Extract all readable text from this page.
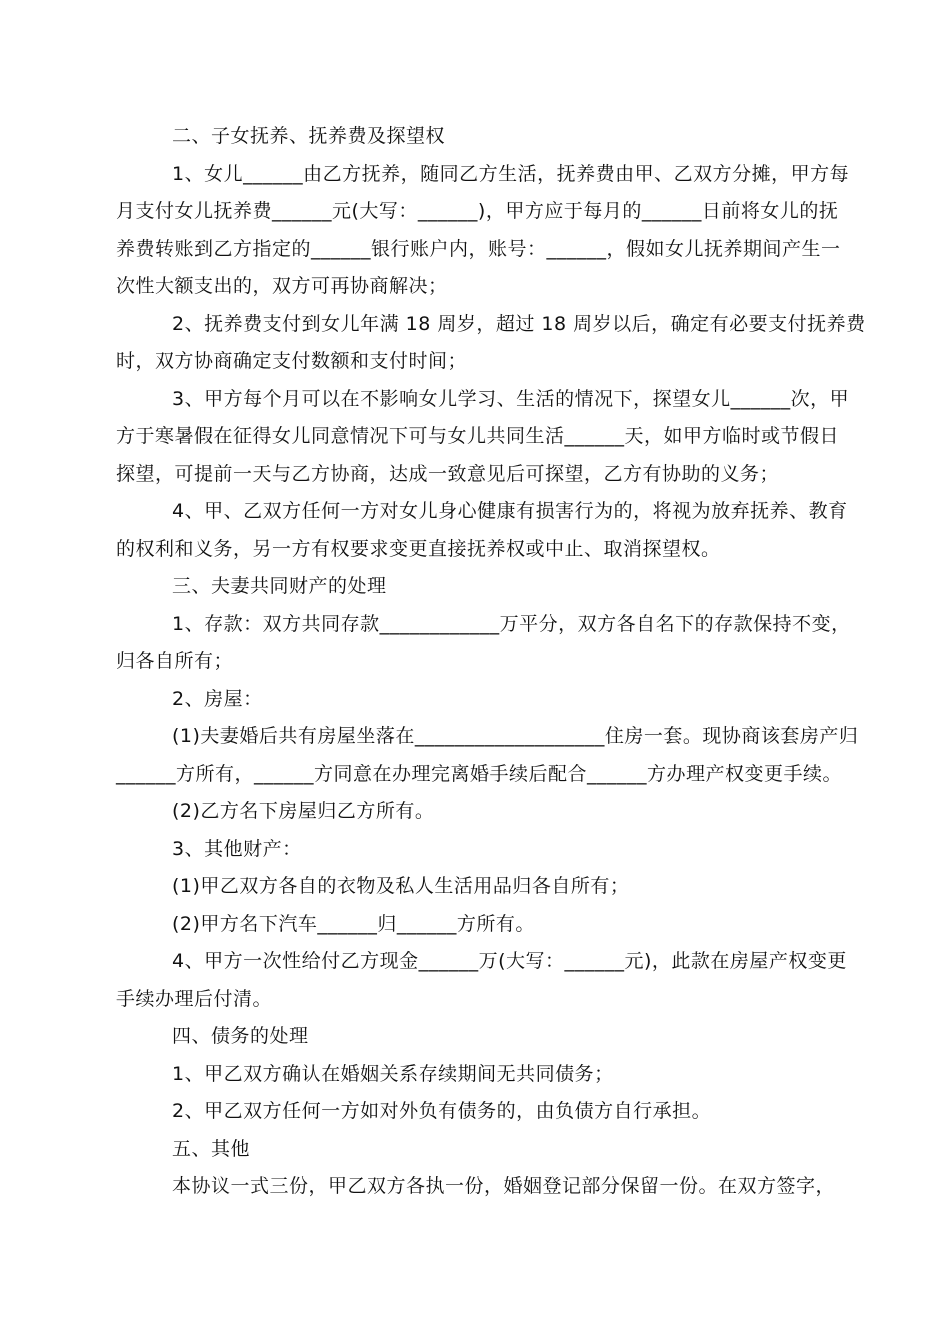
二、子女抚养、抚养费及探望权
1、女儿______由乙方抚养，随同乙方生活，抚养费由甲、乙双方分摊，甲方每
月支付女儿抚养费______元(大写：______)，甲方应于每月的______日前将女儿的抚
养费转账到乙方指定的______银行账户内，账号：______，假如女儿抚养期间产生一
次性大额支出的，双方可再协商解决；
2、抚养费支付到女儿年满 18 周岁，超过 18 周岁以后，确定有必要支付抚养费
时，双方协商确定支付数额和支付时间；
3、甲方每个月可以在不影响女儿学习、生活的情况下，探望女儿______次，甲
方于寒暑假在征得女儿同意情况下可与女儿共同生活______天，如甲方临时或节假日
探望，可提前一天与乙方协商，达成一致意见后可探望，乙方有协助的义务；
4、甲、乙双方任何一方对女儿身心健康有损害行为的，将视为放弃抚养、教育
的权利和义务，另一方有权要求变更直接抚养权或中止、取消探望权。
三、夫妻共同财产的处理
1、存款：双方共同存款____________万平分，双方各自名下的存款保持不变，
归各自所有；
2、房屋：
(1)夫妻婚后共有房屋坐落在___________________住房一套。现协商该套房产归
______方所有，______方同意在办理完离婚手续后配合______方办理产权变更手续。
(2)乙方名下房屋归乙方所有。
3、其他财产：
(1)甲乙双方各自的衣物及私人生活用品归各自所有；
(2)甲方名下汽车______归______方所有。
4、甲方一次性给付乙方现金______万(大写：______元)，此款在房屋产权变更
手续办理后付清。
四、债务的处理
1、甲乙双方确认在婚姻关系存续期间无共同债务；
2、甲乙双方任何一方如对外负有债务的，由负债方自行承担。
五、其他
本协议一式三份，甲乙双方各执一份，婚姻登记部分保留一份。在双方签字，
